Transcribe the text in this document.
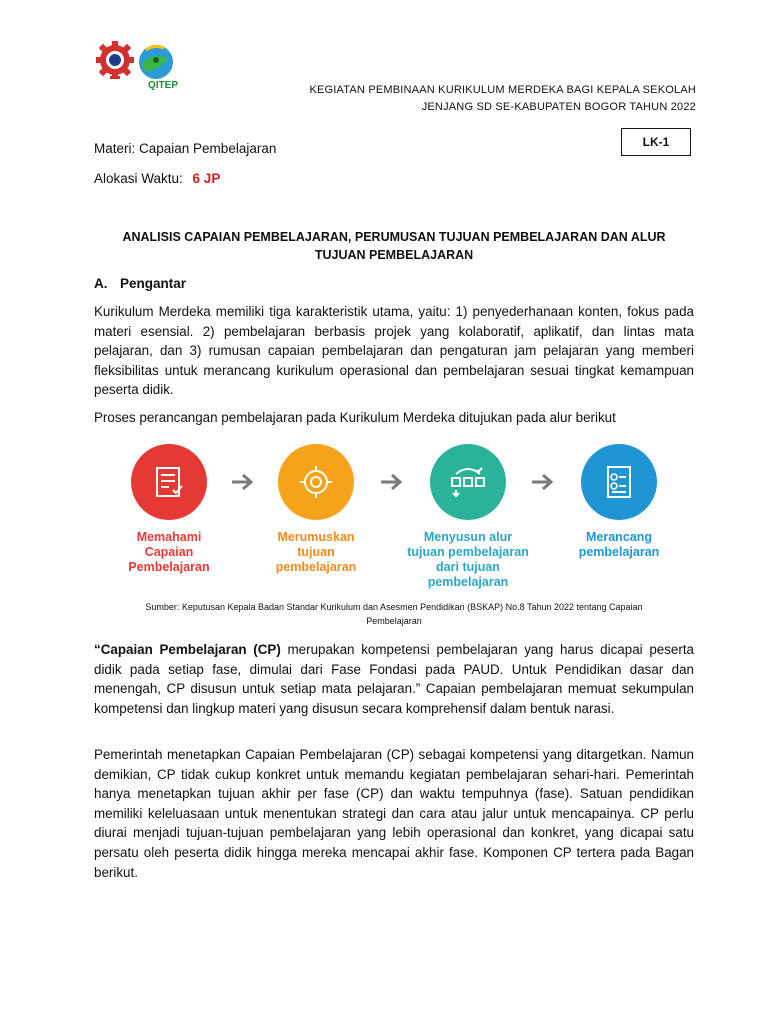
QITEP	KEGIATAN PEMBINAAN KURIKULUM MERDEKA BAGI KEPALA SEKOLAH
JENJANG SD SE-KABUPATEN BOGOR TAHUN 2022
LK-1
Materi: Capaian Pembelajaran
Alokasi Waktu: 6 JP
ANALISIS CAPAIAN PEMBELAJARAN, PERUMUSAN TUJUAN PEMBELAJARAN DAN ALUR
TUJUAN PEMBELAJARAN
A. Pengantar
Kurikulum Merdeka memiliki tiga karakteristik utama, yaitu: 1) penyederhanaan konten, fokus pada materi esensial. 2) pembelajaran berbasis projek yang kolaboratif, aplikatif, dan lintas mata pelajaran, dan 3) rumusan capaian pembelajaran dan pengaturan jam pelajaran yang memberi fleksibilitas untuk merancang kurikulum operasional dan pembelajaran sesuai tingkat kemampuan peserta didik.
Proses perancangan pembelajaran pada Kurikulum Merdeka ditujukan pada alur berikut
Memahami
Capaian
Pembelajaran
Merumuskan
tujuan
pembelajaran
Menyusun alur
tujuan pembelajaran
dari tujuan
pembelajaran
Merancang
pembelajaran
Sumber: Keputusan Kepala Badan Standar Kurikulum dan Asesmen Pendidikan (BSKAP) No.8 Tahun 2022 tentang Capaian
Pembelajaran
“Capaian Pembelajaran (CP) merupakan kompetensi pembelajaran yang harus dicapai peserta didik pada setiap fase, dimulai dari Fase Fondasi pada PAUD. Untuk Pendidikan dasar dan menengah, CP disusun untuk setiap mata pelajaran.” Capaian pembelajaran memuat sekumpulan kompetensi dan lingkup materi yang disusun secara komprehensif dalam bentuk narasi.
Pemerintah menetapkan Capaian Pembelajaran (CP) sebagai kompetensi yang ditargetkan. Namun demikian, CP tidak cukup konkret untuk memandu kegiatan pembelajaran sehari-hari. Pemerintah hanya menetapkan tujuan akhir per fase (CP) dan waktu tempuhnya (fase). Satuan pendidikan memiliki keleluasaan untuk menentukan strategi dan cara atau jalur untuk mencapainya. CP perlu diurai menjadi tujuan-tujuan pembelajaran yang lebih operasional dan konkret, yang dicapai satu persatu oleh peserta didik hingga mereka mencapai akhir fase. Komponen CP tertera pada Bagan berikut.
